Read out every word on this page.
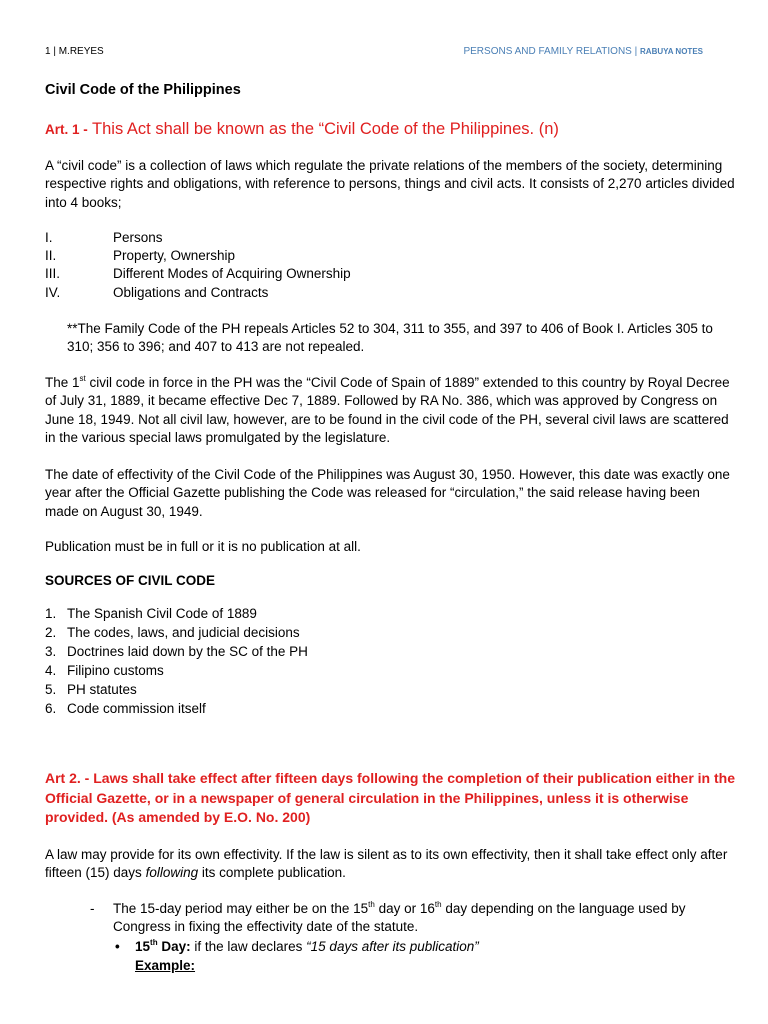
1 | M.REYES	PERSONS AND FAMILY RELATIONS | RABUYA NOTES
Civil Code of the Philippines
Art. 1 - This Act shall be known as the “Civil Code of the Philippines. (n)

A “civil code” is a collection of laws which regulate the private relations of the members of the society, determining respective rights and obligations, with reference to persons, things and civil acts. It consists of 2,270 articles divided into 4 books;

I.	Persons
II.	Property, Ownership
III.	Different Modes of Acquiring Ownership
IV.	Obligations and Contracts

**The Family Code of the PH repeals Articles 52 to 304, 311 to 355, and 397 to 406 of Book I. Articles 305 to 310; 356 to 396; and 407 to 413 are not repealed.

The 1st civil code in force in the PH was the “Civil Code of Spain of 1889” extended to this country by Royal Decree of July 31, 1889, it became effective Dec 7, 1889. Followed by RA No. 386, which was approved by Congress on June 18, 1949. Not all civil law, however, are to be found in the civil code of the PH, several civil laws are scattered in the various special laws promulgated by the legislature.

The date of effectivity of the Civil Code of the Philippines was August 30, 1950. However, this date was exactly one year after the Official Gazette publishing the Code was released for “circulation,” the said release having been made on August 30, 1949.

Publication must be in full or it is no publication at all.

SOURCES OF CIVIL CODE

1. The Spanish Civil Code of 1889
2. The codes, laws, and judicial decisions
3. Doctrines laid down by the SC of the PH
4. Filipino customs
5. PH statutes
6. Code commission itself

Art 2. - Laws shall take effect after fifteen days following the completion of their publication either in the Official Gazette, or in a newspaper of general circulation in the Philippines, unless it is otherwise provided. (As amended by E.O. No. 200)

A law may provide for its own effectivity. If the law is silent as to its own effectivity, then it shall take effect only after fifteen (15) days following its complete publication.

- The 15-day period may either be on the 15th day or 16th day depending on the language used by Congress in fixing the effectivity date of the statute.

• 15th Day: if the law declares “15 days after its publication”

Example:
